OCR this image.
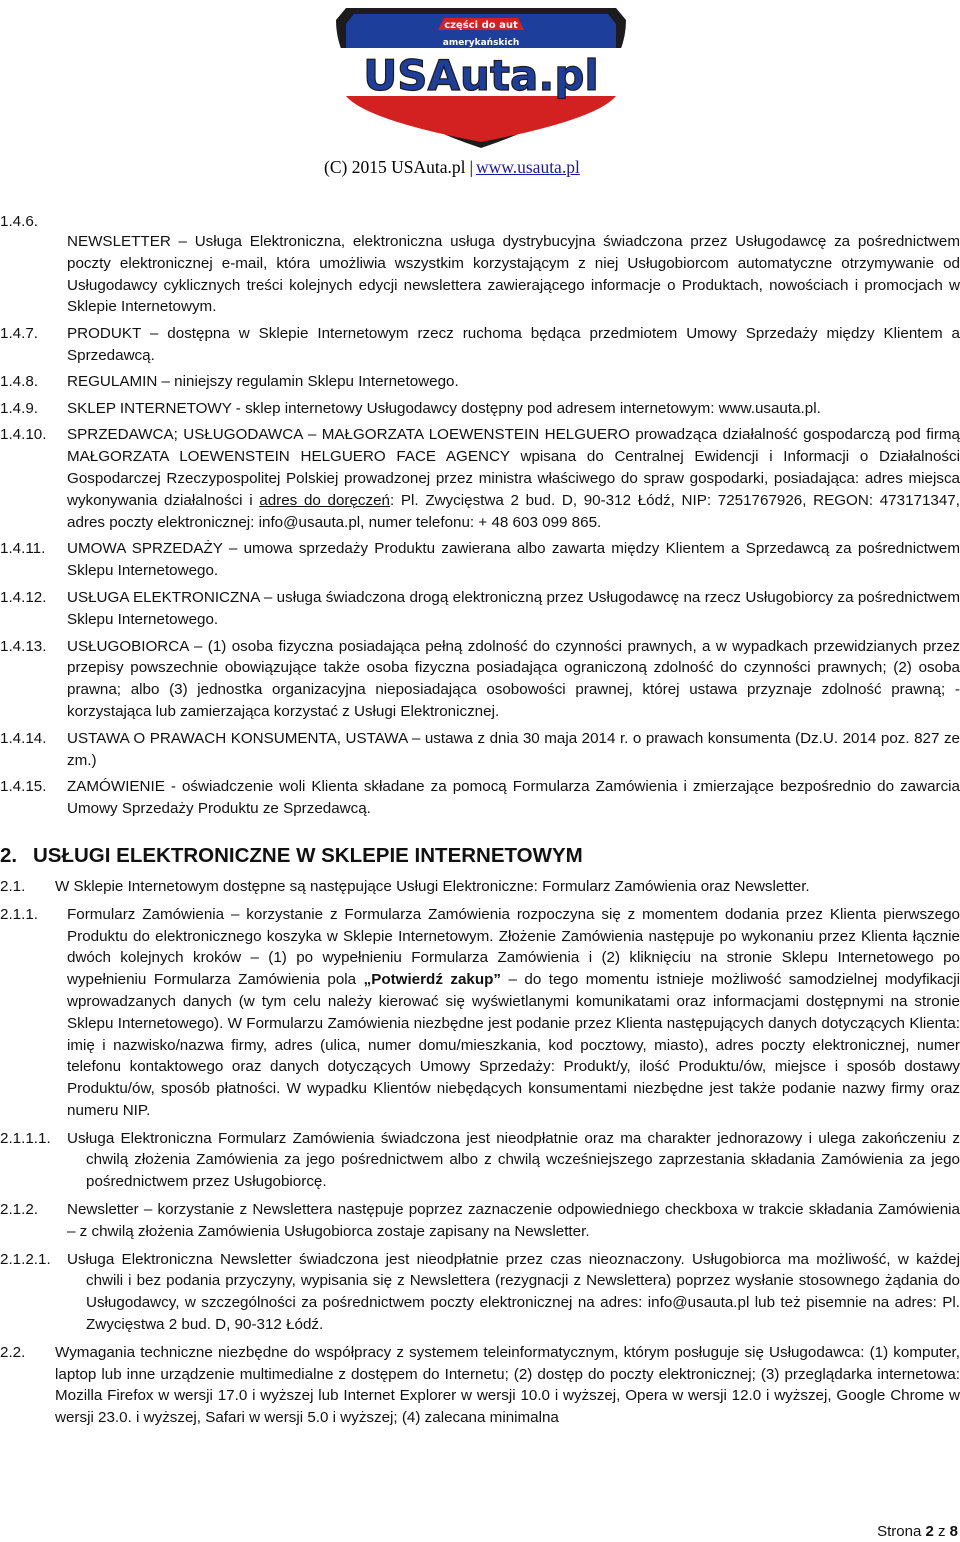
części do aut
amerykańskich
USAuta.pl
(C) 2015 USAuta.pl | www.usauta.pl
1.4.6.
NEWSLETTER – Usługa Elektroniczna, elektroniczna usługa dystrybucyjna świadczona przez Usługodawcę za pośrednictwem poczty elektronicznej e-mail, która umożliwia wszystkim korzystającym z niej Usługobiorcom automatyczne otrzymywanie od Usługodawcy cyklicznych treści kolejnych edycji newslettera zawierającego informacje o Produktach, nowościach i promocjach w Sklepie Internetowym.
1.4.7. PRODUKT – dostępna w Sklepie Internetowym rzecz ruchoma będąca przedmiotem Umowy Sprzedaży między Klientem a Sprzedawcą.
1.4.8. REGULAMIN – niniejszy regulamin Sklepu Internetowego.
1.4.9. SKLEP INTERNETOWY - sklep internetowy Usługodawcy dostępny pod adresem internetowym: www.usauta.pl.
1.4.10. SPRZEDAWCA; USŁUGODAWCA – MAŁGORZATA LOEWENSTEIN HELGUERO prowadząca działalność gospodarczą pod firmą MAŁGORZATA LOEWENSTEIN HELGUERO FACE AGENCY wpisana do Centralnej Ewidencji i Informacji o Działalności Gospodarczej Rzeczypospolitej Polskiej prowadzonej przez ministra właściwego do spraw gospodarki, posiadająca: adres miejsca wykonywania działalności i adres do doręczeń: Pl. Zwycięstwa 2 bud. D, 90-312 Łódź, NIP: 7251767926, REGON: 473171347, adres poczty elektronicznej: info@usauta.pl, numer telefonu: + 48 603 099 865.
1.4.11. UMOWA SPRZEDAŻY – umowa sprzedaży Produktu zawierana albo zawarta między Klientem a Sprzedawcą za pośrednictwem Sklepu Internetowego.
1.4.12. USŁUGA ELEKTRONICZNA – usługa świadczona drogą elektroniczną przez Usługodawcę na rzecz Usługobiorcy za pośrednictwem Sklepu Internetowego.
1.4.13. USŁUGOBIORCA – (1) osoba fizyczna posiadająca pełną zdolność do czynności prawnych, a w wypadkach przewidzianych przez przepisy powszechnie obowiązujące także osoba fizyczna posiadająca ograniczoną zdolność do czynności prawnych; (2) osoba prawna; albo (3) jednostka organizacyjna nieposiadająca osobowości prawnej, której ustawa przyznaje zdolność prawną; - korzystająca lub zamierzająca korzystać z Usługi Elektronicznej.
1.4.14. USTAWA O PRAWACH KONSUMENTA, USTAWA – ustawa z dnia 30 maja 2014 r. o prawach konsumenta (Dz.U. 2014 poz. 827 ze zm.)
1.4.15. ZAMÓWIENIE - oświadczenie woli Klienta składane za pomocą Formularza Zamówienia i zmierzające bezpośrednio do zawarcia Umowy Sprzedaży Produktu ze Sprzedawcą.
2. USŁUGI ELEKTRONICZNE W SKLEPIE INTERNETOWYM
2.1. W Sklepie Internetowym dostępne są następujące Usługi Elektroniczne: Formularz Zamówienia oraz Newsletter.
2.1.1. Formularz Zamówienia – korzystanie z Formularza Zamówienia rozpoczyna się z momentem dodania przez Klienta pierwszego Produktu do elektronicznego koszyka w Sklepie Internetowym. Złożenie Zamówienia następuje po wykonaniu przez Klienta łącznie dwóch kolejnych kroków – (1) po wypełnieniu Formularza Zamówienia i (2) kliknięciu na stronie Sklepu Internetowego po wypełnieniu Formularza Zamówienia pola „Potwierdź zakup” – do tego momentu istnieje możliwość samodzielnej modyfikacji wprowadzanych danych (w tym celu należy kierować się wyświetlanymi komunikatami oraz informacjami dostępnymi na stronie Sklepu Internetowego). W Formularzu Zamówienia niezbędne jest podanie przez Klienta następujących danych dotyczących Klienta: imię i nazwisko/nazwa firmy, adres (ulica, numer domu/mieszkania, kod pocztowy, miasto), adres poczty elektronicznej, numer telefonu kontaktowego oraz danych dotyczących Umowy Sprzedaży: Produkt/y, ilość Produktu/ów, miejsce i sposób dostawy Produktu/ów, sposób płatności. W wypadku Klientów niebędących konsumentami niezbędne jest także podanie nazwy firmy oraz numeru NIP.
2.1.1.1. Usługa Elektroniczna Formularz Zamówienia świadczona jest nieodpłatnie oraz ma charakter jednorazowy i ulega zakończeniu z chwilą złożenia Zamówienia za jego pośrednictwem albo z chwilą wcześniejszego zaprzestania składania Zamówienia za jego pośrednictwem przez Usługobiorcę.
2.1.2. Newsletter – korzystanie z Newslettera następuje poprzez zaznaczenie odpowiedniego checkboxa w trakcie składania Zamówienia – z chwilą złożenia Zamówienia Usługobiorca zostaje zapisany na Newsletter.
2.1.2.1. Usługa Elektroniczna Newsletter świadczona jest nieodpłatnie przez czas nieoznaczony. Usługobiorca ma możliwość, w każdej chwili i bez podania przyczyny, wypisania się z Newslettera (rezygnacji z Newslettera) poprzez wysłanie stosownego żądania do Usługodawcy, w szczególności za pośrednictwem poczty elektronicznej na adres: info@usauta.pl lub też pisemnie na adres: Pl. Zwycięstwa 2 bud. D, 90-312 Łódź.
2.2. Wymagania techniczne niezbędne do współpracy z systemem teleinformatycznym, którym posługuje się Usługodawca: (1) komputer, laptop lub inne urządzenie multimedialne z dostępem do Internetu; (2) dostęp do poczty elektronicznej; (3) przeglądarka internetowa: Mozilla Firefox w wersji 17.0 i wyższej lub Internet Explorer w wersji 10.0 i wyższej, Opera w wersji 12.0 i wyższej, Google Chrome w wersji 23.0. i wyższej, Safari w wersji 5.0 i wyższej; (4) zalecana minimalna
Strona 2 z 8
